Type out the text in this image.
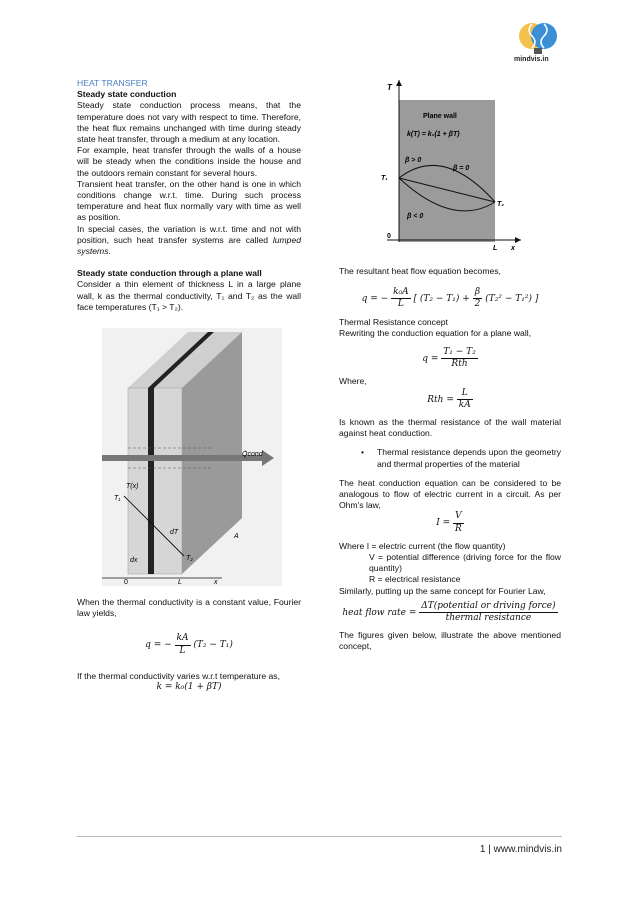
mindvis.in
HEAT TRANSFER
Steady state conduction
Steady state conduction process means, that the temperature does not vary with respect to time. Therefore, the heat flux remains unchanged with time during steady state heat transfer, through a medium at any location.
For example, heat transfer through the walls of a house will be steady when the conditions inside the house and the outdoors remain constant for several hours.
Transient heat transfer, on the other hand is one in which conditions change w.r.t. time. During such process temperature and heat flux normally vary with time as well as position.
In special cases, the variation is w.r.t. time and not with position, such heat transfer systems are called lumped systems.
Steady state conduction through a plane wall
Consider a thin element of thickness L in a large plane wall, k as the thermal conductivity, T₁ and T₂ as the wall face temperatures (T₁ > T₂).
Q̇cond
T(x)
T₁
T₂
dT
dx
A
0	L	x
When the thermal conductivity is a constant value, Fourier law yields,
q = − $\frac{kA}{L} (T_2 - T_1)$
If the thermal conductivity varies w.r.t temperature as,
k = k₀(1 + βT)
T
Plane wall
k(T) = k₀(1 + βT)
β > 0
β = 0
β < 0
T₁
T₂
0
L x
The resultant heat flow equation becomes,
q = − $\frac{\text{k₀A}}{L}$ [ $(T_2 - T_1) + \frac{\beta}{2} (T_2^2 - T_1^2)$ ]
Thermal Resistance concept
Rewriting the conduction equation for a plane wall,
$q = \frac{\text{T₁ − T₂}}{\text{Rth}}$
Where,
Rth = $\frac{L}{kA}$
Is known as the thermal resistance of the wall material against heat conduction.
•	Thermal resistance depends upon the geometry and thermal properties of the material
The heat conduction equation can be considered to be analogous to flow of electric current in a circuit. As per Ohm's law,
$I = \frac{V}{R}$
Where I = electric current (the flow quantity)
V = potential difference (driving force for the flow quantity)
R = electrical resistance
Similarly, putting up the same concept for Fourier Law,
heat flow rate = $\frac{\text{ΔT(potential or driving force)}}{\text{thermal resistance}}$
The figures given below, illustrate the above mentioned concept,
1 | www.mindvis.in
